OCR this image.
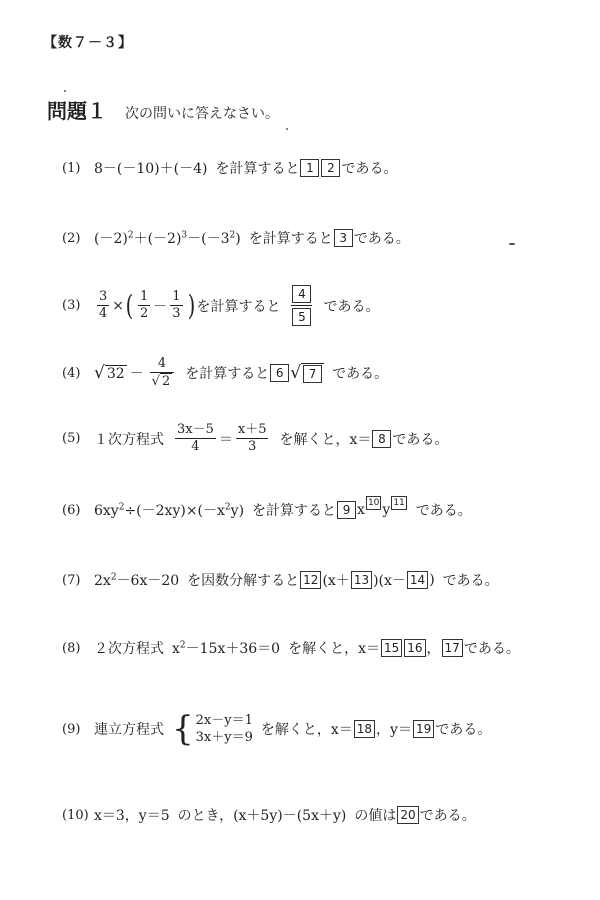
【数７－３】
問題１ 次の問いに答えなさい。
(1) 8－(－10)＋(－4) を計算すると 1	2 である。
(2) $(-2)^2+(-2)^3-(-3^2)$ を計算すると 3 である。
(3)	$\frac{3}{4}$ × ( $\frac{1}{2} - \frac{1}{3}$ ) を計算すると $\frac{4}{5}$ である。
(4) √ $32 - \frac{4}{√ 2}$ を計算すると 6 √ 7	である。
(5) １次方程式 $\frac{3x-5}{4} = \frac{x+5}{3}$ を解くと， x＝ 8 である。
(6) $6xy^2\div(-2xy)\times(-x^2y)$ を計算すると 9 x 10 y 11 である。
(7) $2x^2-6x-20$ を因数分解すると 12 (x＋ 13 )(x－ 14 ) である。
(8) ２次方程式 $x^2-15x+36=0$ を解くと， x＝ 15 16 ， 17 である。
(9) 連立方程式 { 2x－y＝1
3x＋y＝9 を解くと， x＝ 18 ， y＝ 19 である。
(10) x＝3，y＝5 のとき， (x＋5y)－(5x＋y) の値は 20 である。
